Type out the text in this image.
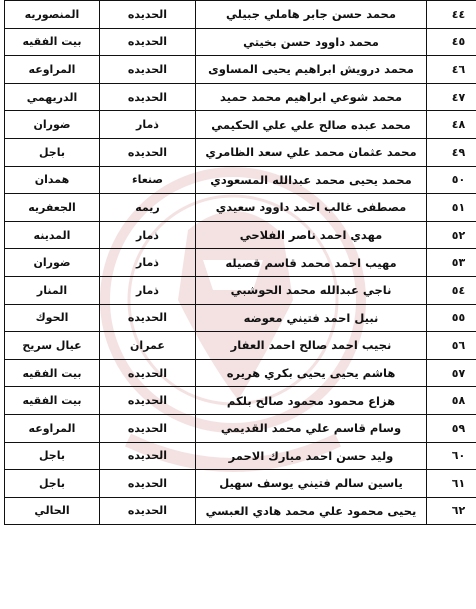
٤٤	محمد حسن جابر هاملي جبيلي	الحديده	المنصوريه
٤٥	محمد داوود حسن بخيتي	الحديده	بيت الفقيه
٤٦	محمد درويش ابراهيم يحيى المساوى	الحديده	المراوعه
٤٧	محمد شوعي ابراهيم محمد حميد	الحديده	الدريهمي
٤٨	محمد عبده صالح علي علي الحكيمي	ذمار	ضوران
٤٩	محمد عثمان محمد علي سعد الظامري	الحديده	باجل
٥٠	محمد يحيى محمد عبدالله المسعودي	صنعاء	همدان
٥١	مصطفى غالب احمد داوود سعيدي	ريمه	الجعفريه
٥٢	مهدي احمد ناصر الفلاحي	ذمار	المدينه
٥٣	مهيب احمد محمد قاسم قصيله	ذمار	ضوران
٥٤	ناجي عبدالله محمد الحوشبي	ذمار	المنار
٥٥	نبيل احمد فتيني معوضه	الحديده	الحوك
٥٦	نجيب احمد صالح احمد العفار	عمران	عيال سريح
٥٧	هاشم يحيى يحيى بكري هريره	الحديده	بيت الفقيه
٥٨	هزاع محمود محمود صالح بلكم	الحديده	بيت الفقيه
٥٩	وسام قاسم علي محمد القديمي	الحديده	المراوعه
٦٠	وليد حسن احمد مبارك الاحمر	الحديده	باجل
٦١	ياسين سالم فتيني يوسف سهيل	الحديده	باجل
٦٢	يحيى محمود علي محمد هادي العبسي	الحديده	الحالي
